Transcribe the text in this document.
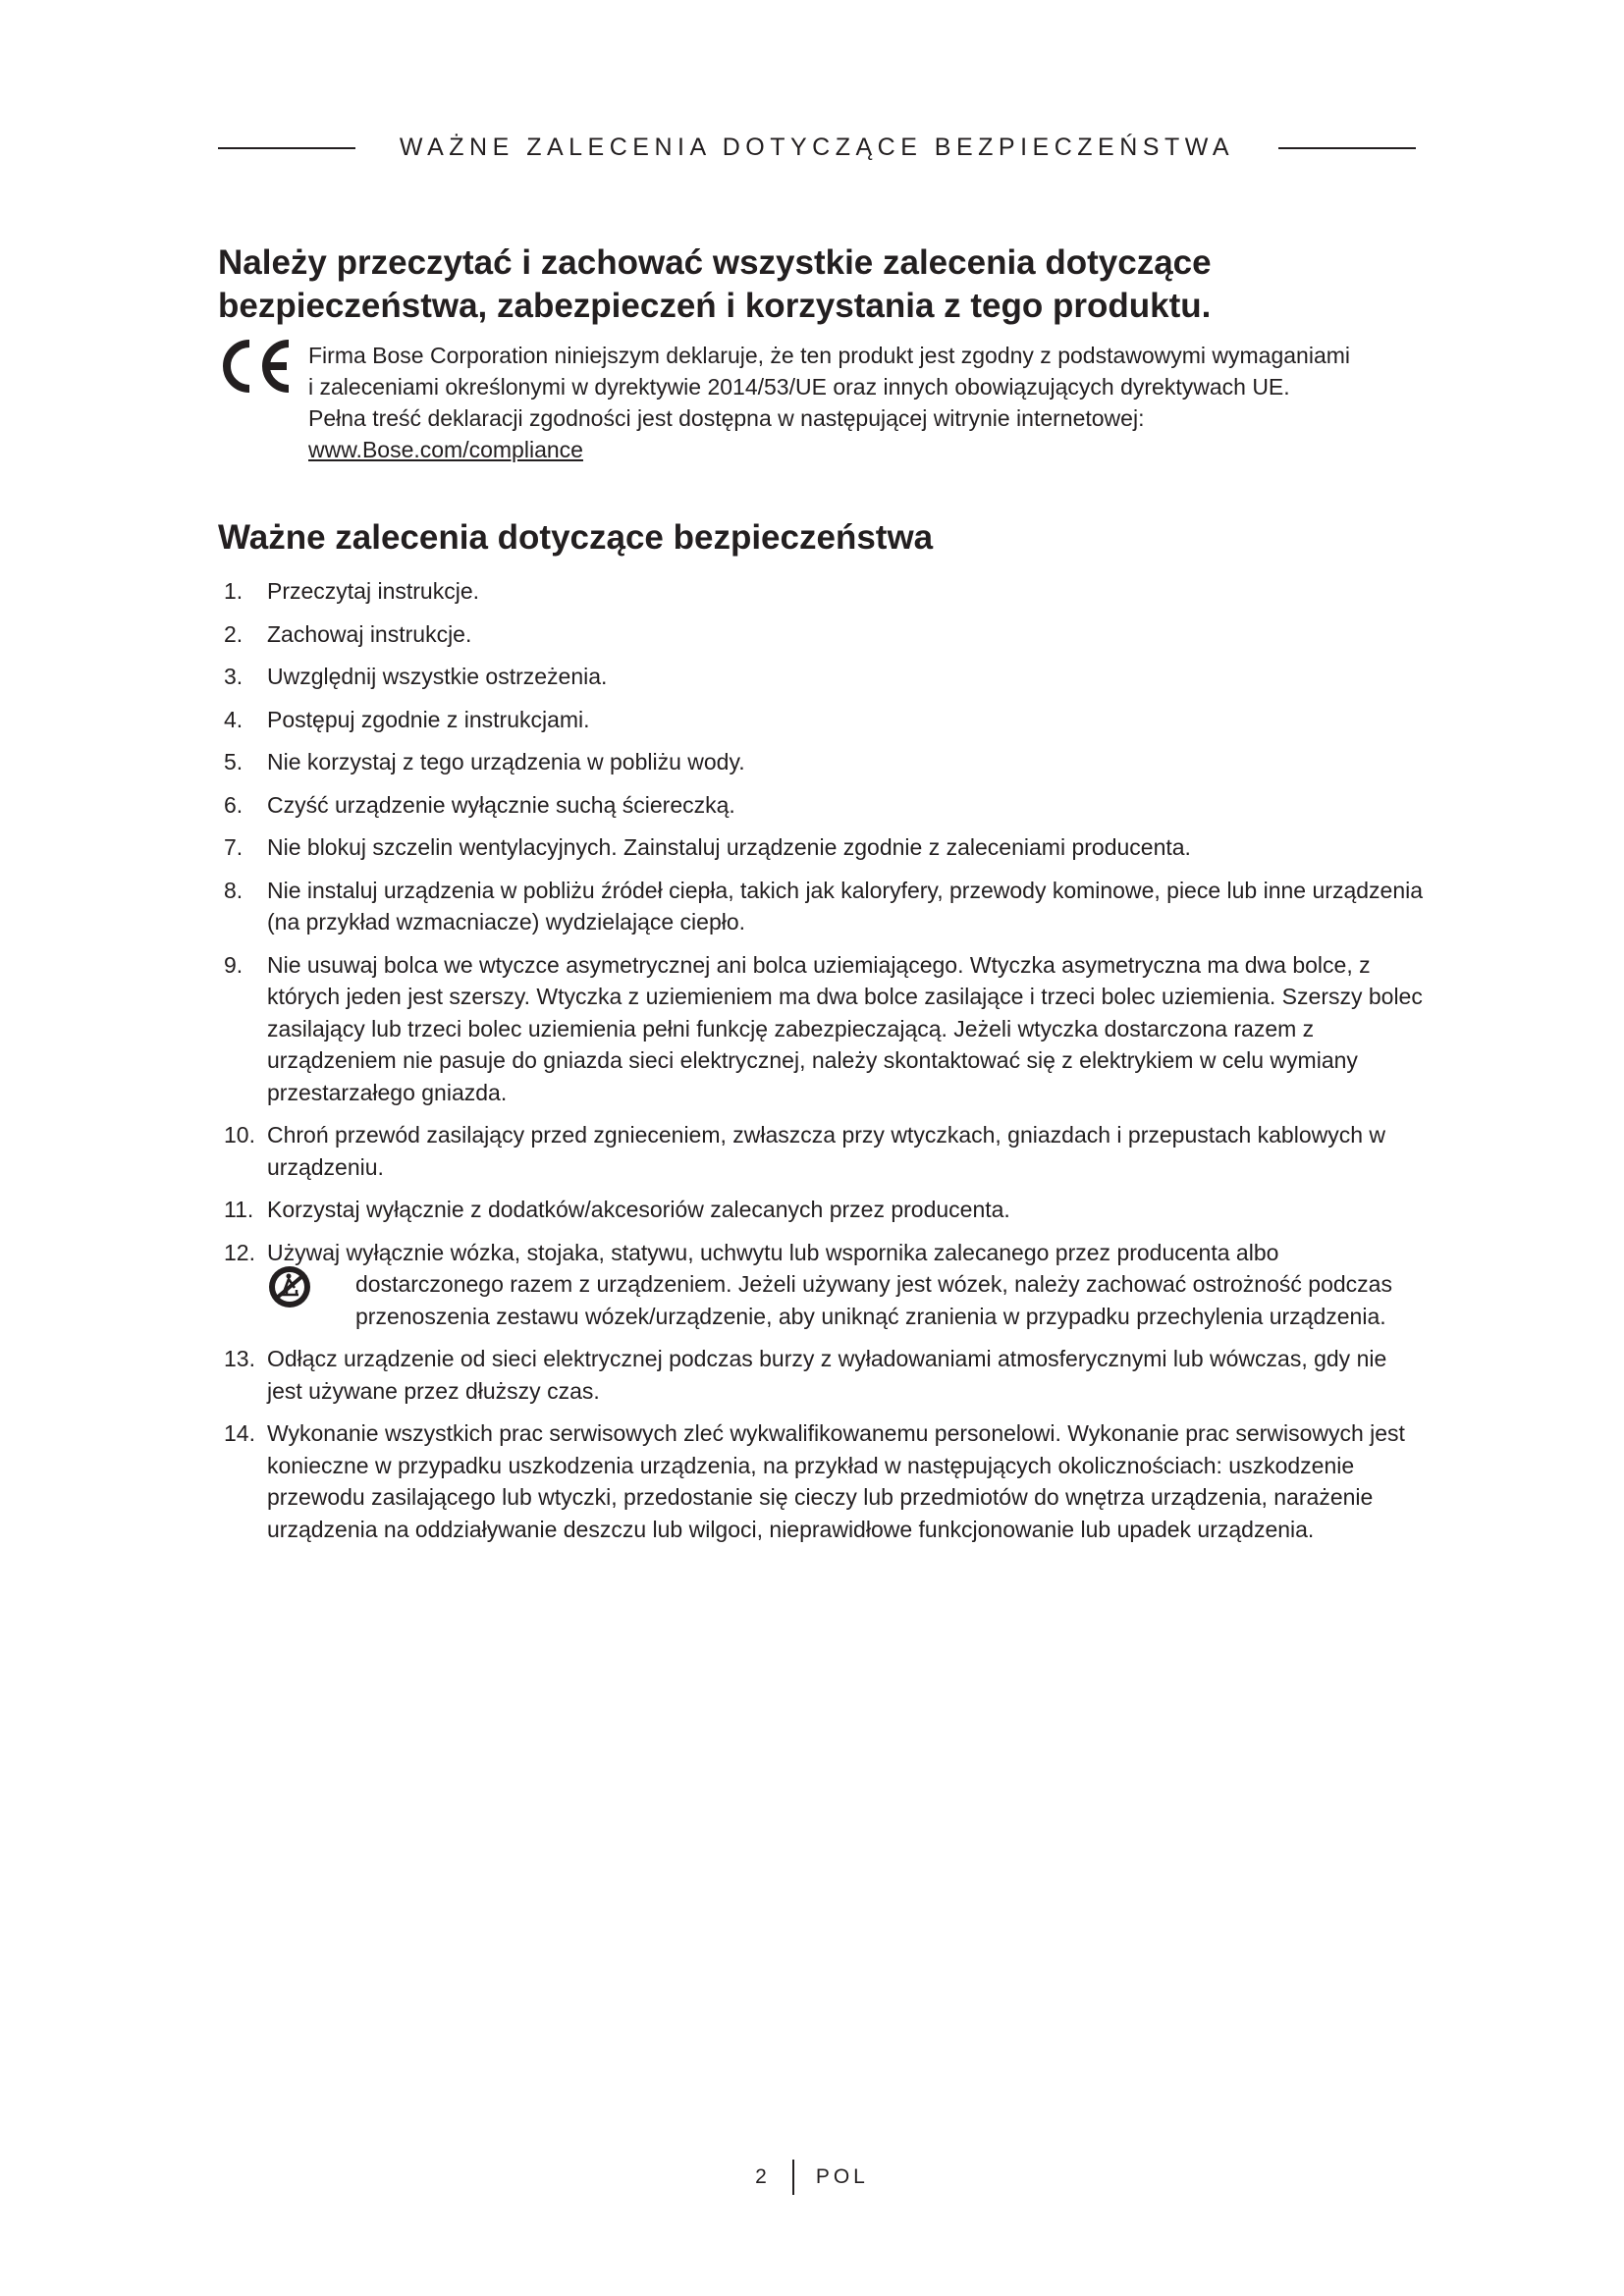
WAŻNE ZALECENIA DOTYCZĄCE BEZPIECZEŃSTWA
Należy przeczytać i zachować wszystkie zalecenia dotyczące
bezpieczeństwa, zabezpieczeń i korzystania z tego produktu.
Firma Bose Corporation niniejszym deklaruje, że ten produkt jest zgodny z podstawowymi wymaganiami
i zaleceniami określonymi w dyrektywie 2014/53/UE oraz innych obowiązujących dyrektywach UE.
Pełna treść deklaracji zgodności jest dostępna w następującej witrynie internetowej:
www.Bose.com/compliance
Ważne zalecenia dotyczące bezpieczeństwa
1. Przeczytaj instrukcje.
2. Zachowaj instrukcje.
3. Uwzględnij wszystkie ostrzeżenia.
4. Postępuj zgodnie z instrukcjami.
5. Nie korzystaj z tego urządzenia w pobliżu wody.
6. Czyść urządzenie wyłącznie suchą ściereczką.
7. Nie blokuj szczelin wentylacyjnych. Zainstaluj urządzenie zgodnie z zaleceniami producenta.
8. Nie instaluj urządzenia w pobliżu źródeł ciepła, takich jak kaloryfery, przewody kominowe, piece lub inne urządzenia (na przykład wzmacniacze) wydzielające ciepło.
9. Nie usuwaj bolca we wtyczce asymetrycznej ani bolca uziemiającego. Wtyczka asymetryczna ma dwa bolce, z których jeden jest szerszy. Wtyczka z uziemieniem ma dwa bolce zasilające i trzeci bolec uziemienia. Szerszy bolec zasilający lub trzeci bolec uziemienia pełni funkcję zabezpieczającą. Jeżeli wtyczka dostarczona razem z urządzeniem nie pasuje do gniazda sieci elektrycznej, należy skontaktować się z elektrykiem w celu wymiany przestarzałego gniazda.
10. Chroń przewód zasilający przed zgnieceniem, zwłaszcza przy wtyczkach, gniazdach i przepustach kablowych w urządzeniu.
11. Korzystaj wyłącznie z dodatków/akcesoriów zalecanych przez producenta.
12. Używaj wyłącznie wózka, stojaka, statywu, uchwytu lub wspornika zalecanego przez producenta albo
dostarczonego razem z urządzeniem. Jeżeli używany jest wózek, należy zachować ostrożność podczas przenoszenia zestawu wózek/urządzenie, aby uniknąć zranienia w przypadku przechylenia urządzenia.
13. Odłącz urządzenie od sieci elektrycznej podczas burzy z wyładowaniami atmosferycznymi lub wówczas, gdy nie jest używane przez dłuższy czas.
14. Wykonanie wszystkich prac serwisowych zleć wykwalifikowanemu personelowi. Wykonanie prac serwisowych jest konieczne w przypadku uszkodzenia urządzenia, na przykład w następujących okolicznościach: uszkodzenie przewodu zasilającego lub wtyczki, przedostanie się cieczy lub przedmiotów do wnętrza urządzenia, narażenie urządzenia na oddziaływanie deszczu lub wilgoci, nieprawidłowe funkcjonowanie lub upadek urządzenia.
2 POL
